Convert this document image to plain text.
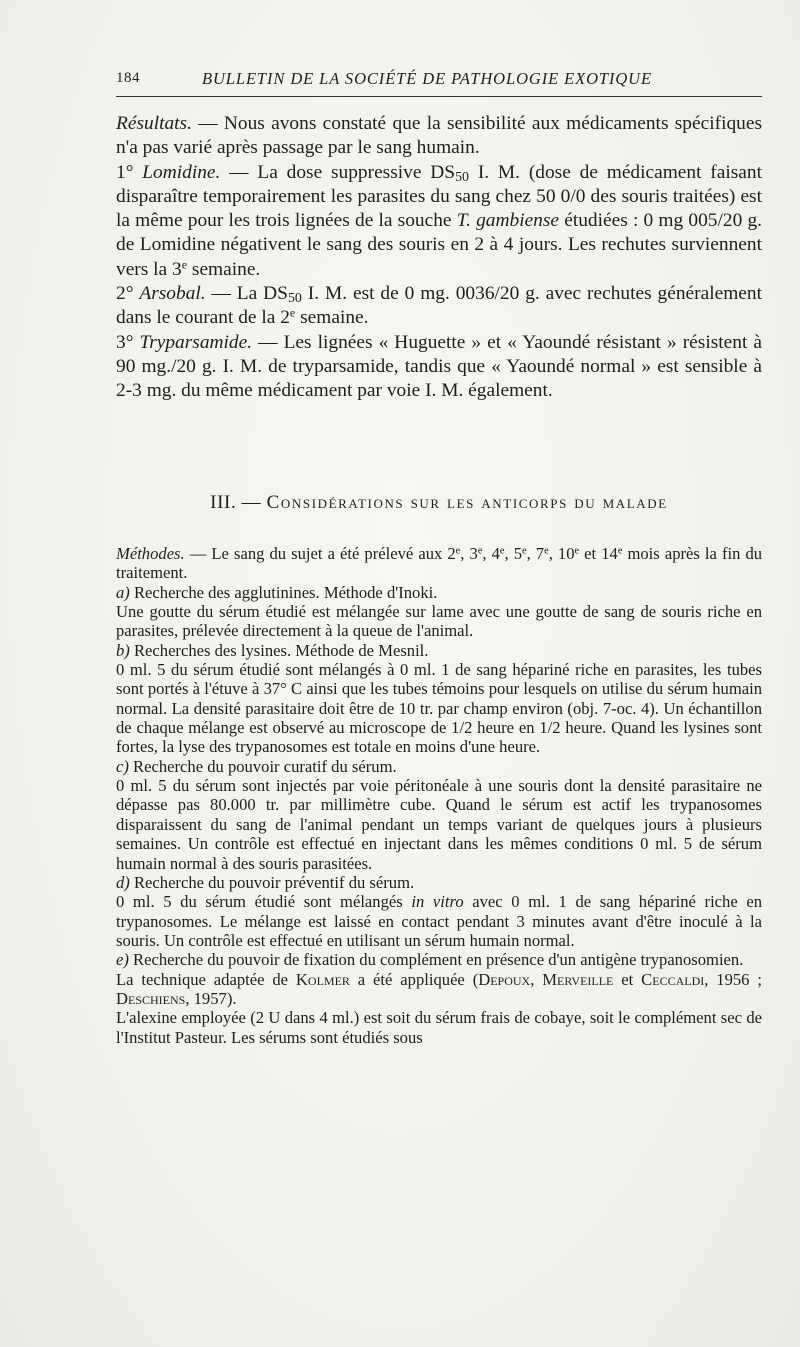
184	BULLETIN DE LA SOCIÉTÉ DE PATHOLOGIE EXOTIQUE

Résultats. — Nous avons constaté que la sensibilité aux médicaments spécifiques n'a pas varié après passage par le sang humain.

1° Lomidine. — La dose suppressive $DS_{50}$ I. M. (dose de médicament faisant disparaître temporairement les parasites du sang chez 50 0/0 des souris traitées) est la même pour les trois lignées de la souche T. gambiense étudiées : 0 mg 005/20 g. de Lomidine négativent le sang des souris en 2 à 4 jours. Les rechutes surviennent vers la 3e semaine.

2° Arsobal. — La $DS_{50}$ I. M. est de 0 mg. 0036/20 g. avec rechutes généralement dans le courant de la 2e semaine.

3° Tryparsamide. — Les lignées « Huguette » et « Yaoundé résistant » résistent à 90 mg./20 g. I. M. de tryparsamide, tandis que « Yaoundé normal » est sensible à 2-3 mg. du même médicament par voie I. M. également.

III. — Considérations sur les anticorps du malade

Méthodes. — Le sang du sujet a été prélevé aux 2e, 3e, 4e, 5e, 7e, 10e et 14e mois après la fin du traitement.

a) Recherche des agglutinines. Méthode d'Inoki.

Une goutte du sérum étudié est mélangée sur lame avec une goutte de sang de souris riche en parasites, prélevée directement à la queue de l'animal.

b) Recherches des lysines. Méthode de Mesnil.

0 ml. 5 du sérum étudié sont mélangés à 0 ml. 1 de sang hépariné riche en parasites, les tubes sont portés à l'étuve à 37° C ainsi que les tubes témoins pour lesquels on utilise du sérum humain normal. La densité parasitaire doit être de 10 tr. par champ environ (obj. 7-oc. 4). Un échantillon de chaque mélange est observé au microscope de 1/2 heure en 1/2 heure. Quand les lysines sont fortes, la lyse des trypanosomes est totale en moins d'une heure.

c) Recherche du pouvoir curatif du sérum.

0 ml. 5 du sérum sont injectés par voie péritonéale à une souris dont la densité parasitaire ne dépasse pas 80.000 tr. par millimètre cube. Quand le sérum est actif les trypanosomes disparaissent du sang de l'animal pendant un temps variant de quelques jours à plusieurs semaines. Un contrôle est effectué en injectant dans les mêmes conditions 0 ml. 5 de sérum humain normal à des souris parasitées.

d) Recherche du pouvoir préventif du sérum.

0 ml. 5 du sérum étudié sont mélangés in vitro avec 0 ml. 1 de sang hépariné riche en trypanosomes. Le mélange est laissé en contact pendant 3 minutes avant d'être inoculé à la souris. Un contrôle est effectué en utilisant un sérum humain normal.

e) Recherche du pouvoir de fixation du complément en présence d'un antigène trypanosomien.

La technique adaptée de Kolmer a été appliquée (Depoux, Merveille et Ceccaldi, 1956 ; Deschiens, 1957).

L'alexine employée (2 U dans 4 ml.) est soit du sérum frais de cobaye, soit le complément sec de l'Institut Pasteur. Les sérums sont étudiés sous
